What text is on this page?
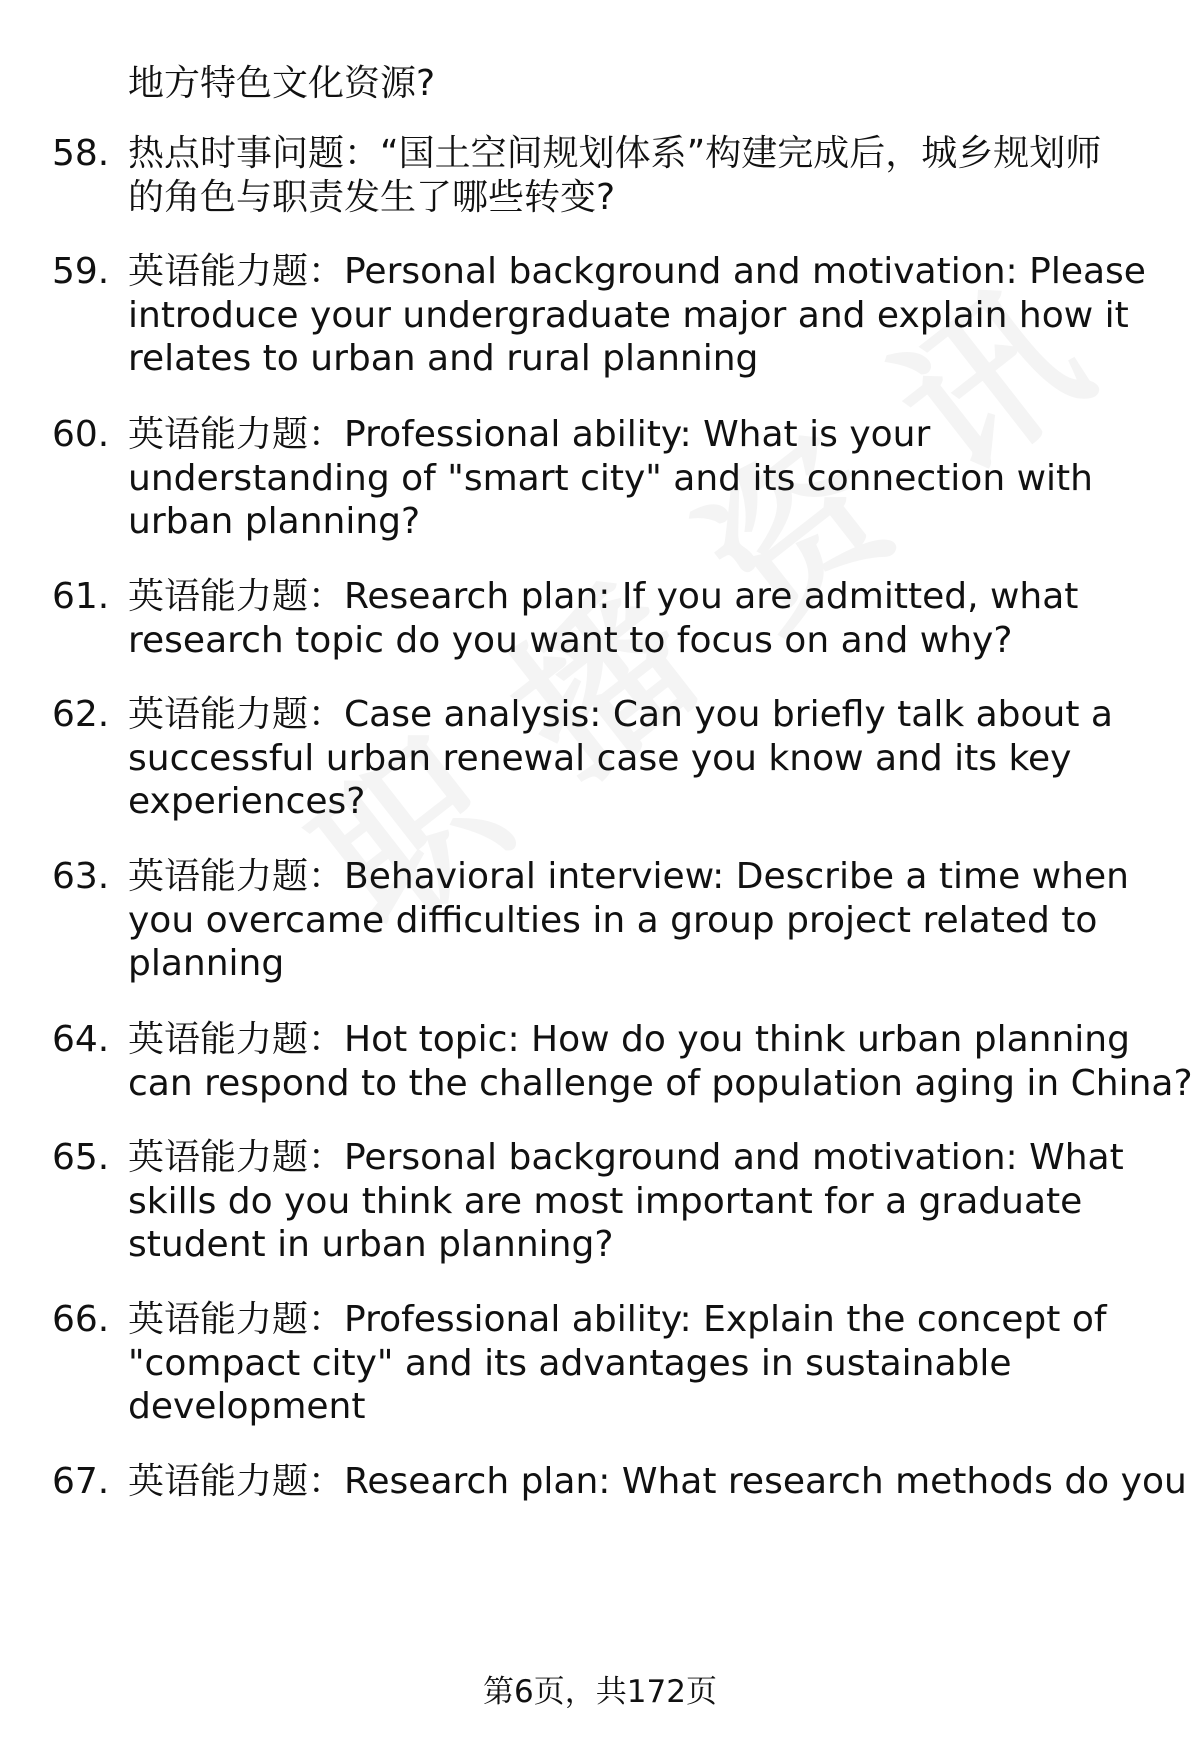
地方特色文化资源?
58. 热点时事问题：“国土空间规划体系”构建完成后，城乡规划师
的角色与职责发生了哪些转变?
59. 英语能力题：Personal background and motivation: Please
introduce your undergraduate major and explain how it
relates to urban and rural planning
60. 英语能力题：Professional ability: What is your
understanding of "smart city" and its connection with
urban planning?
61. 英语能力题：Research plan: If you are admitted, what
research topic do you want to focus on and why?
62. 英语能力题：Case analysis: Can you briefly talk about a
successful urban renewal case you know and its key
experiences?
63. 英语能力题：Behavioral interview: Describe a time when
you overcame difficulties in a group project related to
planning
64. 英语能力题：Hot topic: How do you think urban planning
can respond to the challenge of population aging in China?
65. 英语能力题：Personal background and motivation: What
skills do you think are most important for a graduate
student in urban planning?
66. 英语能力题：Professional ability: Explain the concept of
"compact city" and its advantages in sustainable
development
67. 英语能力题：Research plan: What research methods do you
第6页，共172页
